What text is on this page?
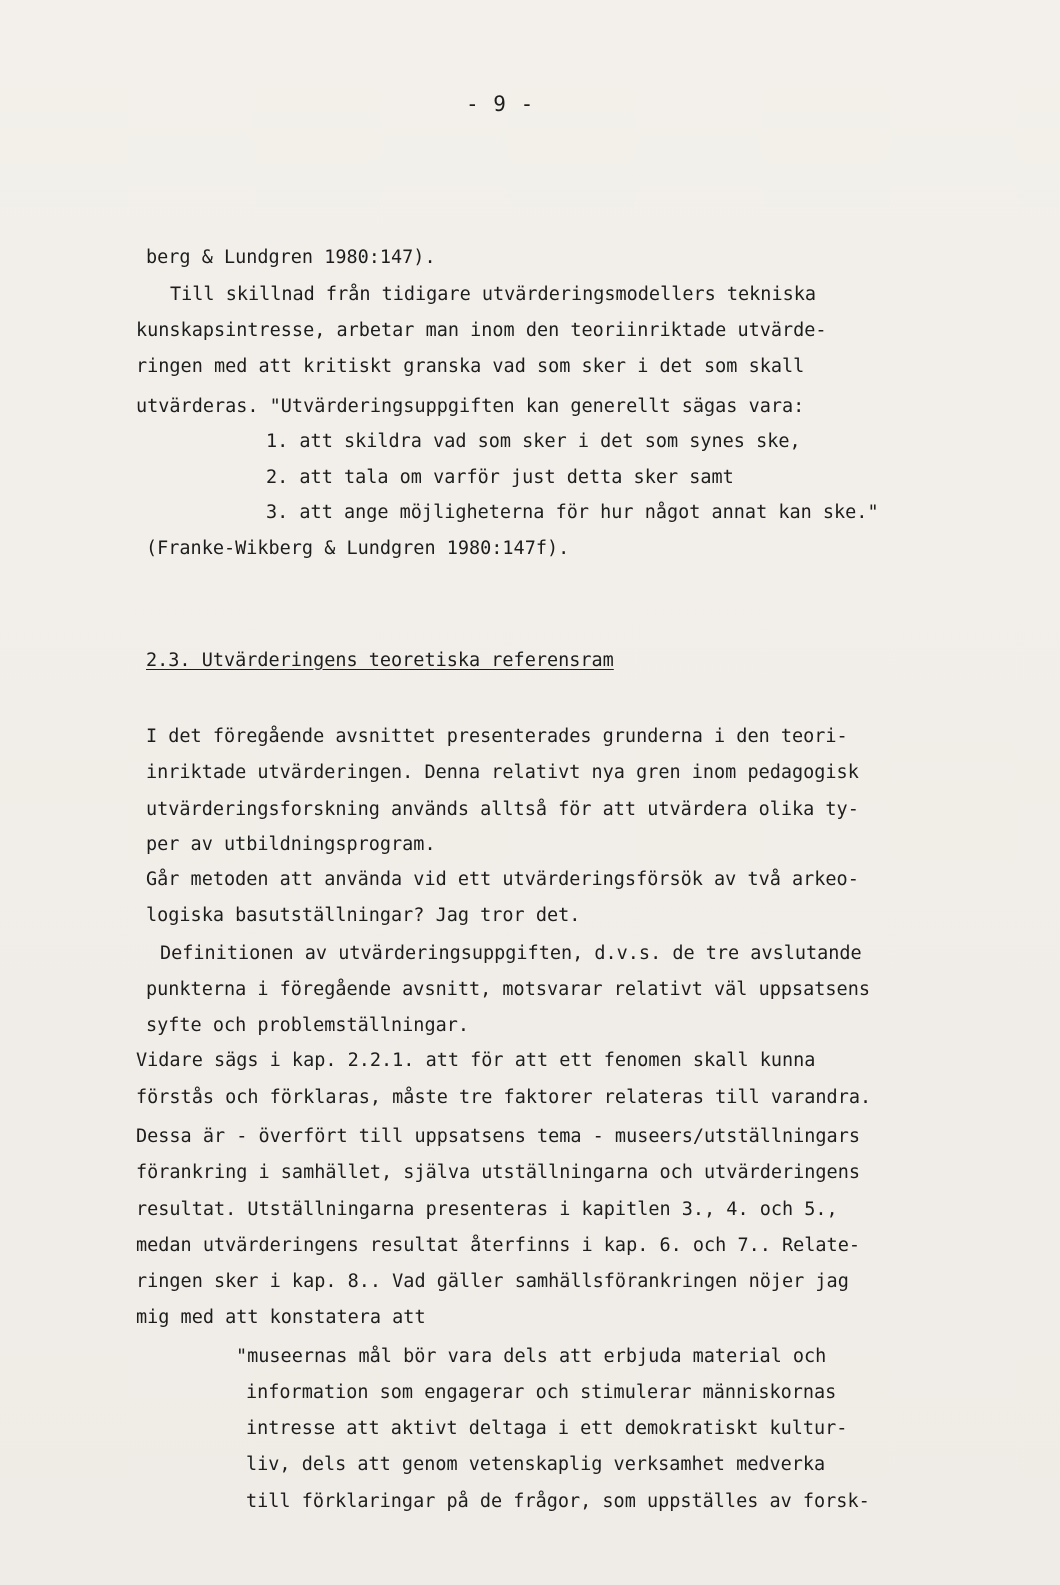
- 9 -
berg & Lundgren 1980:147).
Till skillnad från tidigare utvärderingsmodellers tekniska
kunskapsintresse, arbetar man inom den teoriinriktade utvärde-
ringen med att kritiskt granska vad som sker i det som skall
utvärderas. "Utvärderingsuppgiften kan generellt sägas vara:
1. att skildra vad som sker i det som synes ske,
2. att tala om varför just detta sker samt
3. att ange möjligheterna för hur något annat kan ske."
(Franke-Wikberg & Lundgren 1980:147f).
2.3. Utvärderingens teoretiska referensram
I det föregående avsnittet presenterades grunderna i den teori-
inriktade utvärderingen. Denna relativt nya gren inom pedagogisk
utvärderingsforskning används alltså för att utvärdera olika ty-
per av utbildningsprogram.
Går metoden att använda vid ett utvärderingsförsök av två arkeo-
logiska basutställningar? Jag tror det.
Definitionen av utvärderingsuppgiften, d.v.s. de tre avslutande
punkterna i föregående avsnitt, motsvarar relativt väl uppsatsens
syfte och problemställningar.
Vidare sägs i kap. 2.2.1. att för att ett fenomen skall kunna
förstås och förklaras, måste tre faktorer relateras till varandra.
Dessa är - överfört till uppsatsens tema - museers/utställningars
förankring i samhället, själva utställningarna och utvärderingens
resultat. Utställningarna presenteras i kapitlen 3., 4. och 5.,
medan utvärderingens resultat återfinns i kap. 6. och 7.. Relate-
ringen sker i kap. 8.. Vad gäller samhällsförankringen nöjer jag
mig med att konstatera att
"museernas mål bör vara dels att erbjuda material och
information som engagerar och stimulerar människornas
intresse att aktivt deltaga i ett demokratiskt kultur-
liv, dels att genom vetenskaplig verksamhet medverka
till förklaringar på de frågor, som uppställes av forsk-
